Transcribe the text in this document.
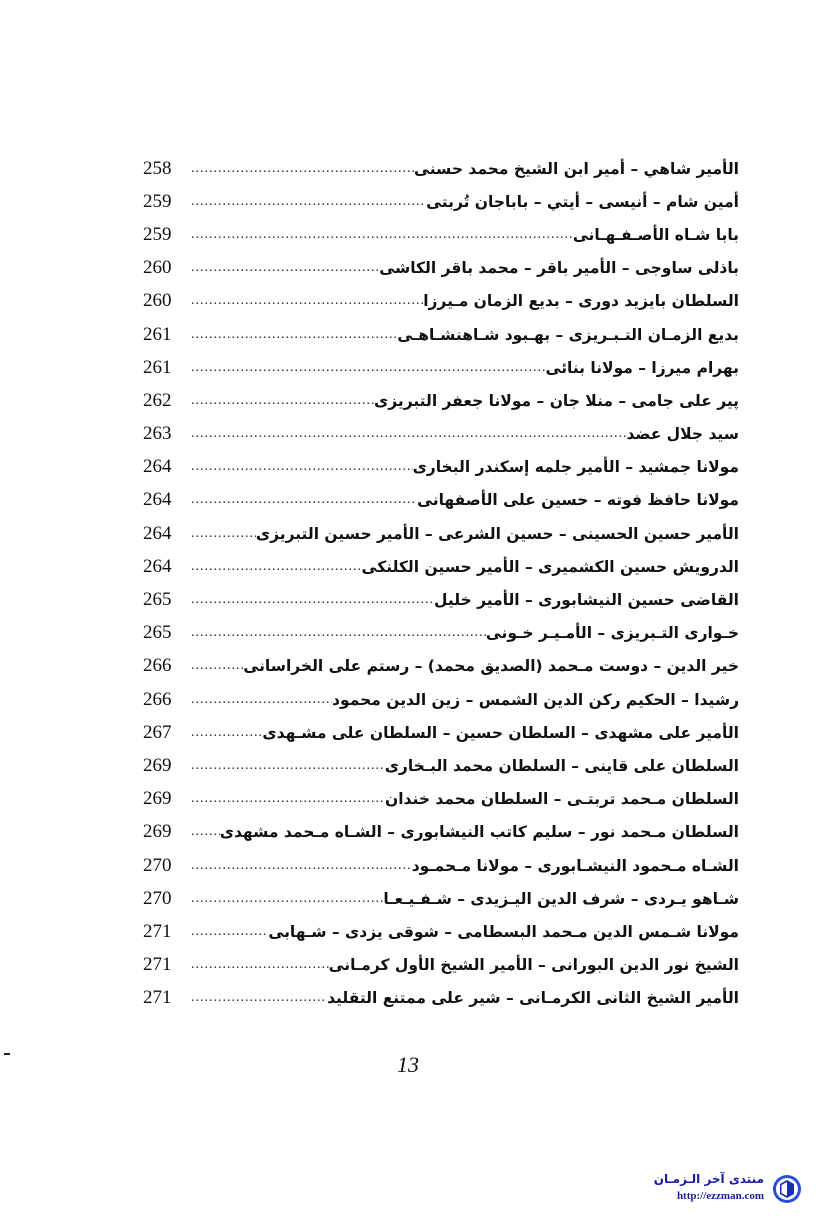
258 .....	الأمير شاهي – أمير ابن الشيخ محمد حسنى
259 .....	أمين شام – أنيسى – أيتي – باباجان تُربتى
259 .....	بابا شـاه الأصـفـهـانى
260 .....	باذلى ساوجى – الأمير باقر – محمد باقر الكاشى
260 .....	السلطان بايزيد دورى – بديع الزمان مـيرزا
261 .....	بديع الزمـان التـبـريزى – بهـبود شـاهنشـاهـى
261 .....	بهرام ميرزا – مولانا بنائى
262 .....	پير على جامى – منلا جان – مولانا جعفر التبريزى
263 .....	سيد جلال عضد
264 .....	مولانا جمشيد – الأمير جلمه إسكندر البخارى
264 .....	مولانا حافظ فوته – حسين على الأصفهانى
264 .....	الأمير حسين الحسينى – حسين الشرعى – الأمير حسين التبريزى
264 .....	الدرويش حسين الكشميرى – الأمير حسين الكلنكى
265 .....	القاضى حسين النيشابورى – الأمير خليل
265 .....	خـوارى التـبريزى – الأمـيـر خـونى
266 .....	خير الدين – دوست مـحمد (الصديق محمد) – رستم على الخراسانى
266 .....	رشيدا – الحكيم ركن الدين الشمس – زين الدين محمود
267 .....	الأمير على مشهدى – السلطان حسين – السلطان على مشـهدى
269 .....	السلطان على قاينى – السلطان محمد البـخارى
269 .....	السلطان مـحمد تربتـى – السلطان محمد خندان
269 .....	السلطان مـحمد نور – سليم كاتب النيشابورى – الشـاه مـحمد مشهدى
270 .....	الشـاه مـحمود النيشـابورى – مولانا مـحمـود
270 .....	شـاهو يـردى – شرف الدين اليـزيدى – شـفـيـعـا
271 .....	مولانا شـمس الدين مـحمد البسطامى – شوقى يزدى – شـهابى
271 .....	الشيخ نور الدين البورانى – الأمير الشيخ الأول كرمـانى
271 .....	الأمير الشيخ الثانى الكرمـانى – شير على ممتنع التقليد
13
منتدى آخر الـزمـان
http://ezzman.com
